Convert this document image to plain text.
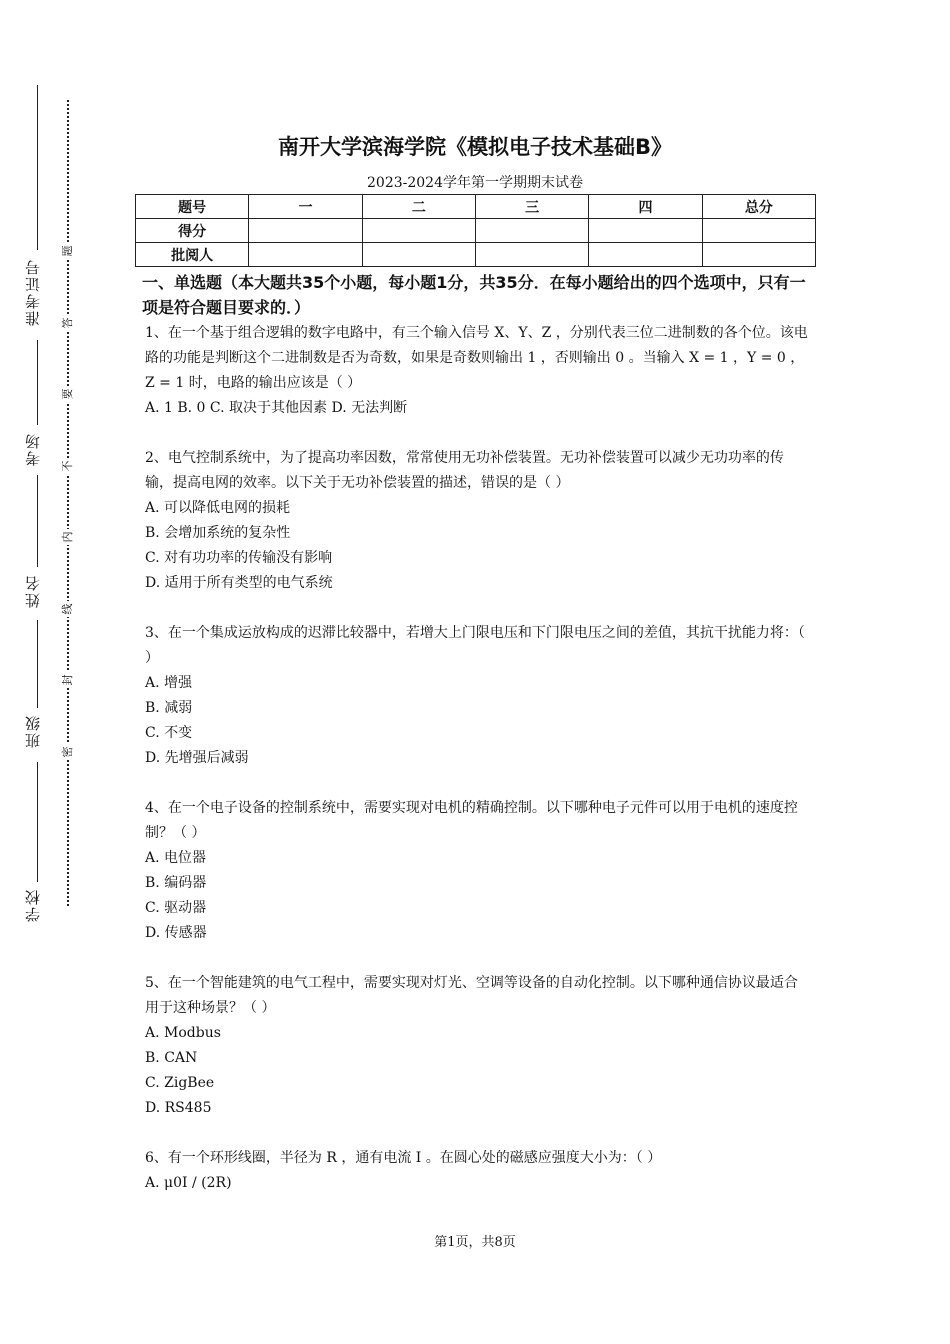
准考证号
考场
姓名
班级
学校
题
答
要
不
内
线
封
密
南开大学滨海学院《模拟电子技术基础B》
2023-2024学年第一学期期末试卷
题号	一	二	三	四	总分
得分					
批阅人					
一、单选题（本大题共35个小题，每小题1分，共35分．在每小题给出的四个选项中，只有一项是符合题目要求的．）
1、在一个基于组合逻辑的数字电路中，有三个输入信号 X、Y、Z ，分别代表三位二进制数的各个位。该电路的功能是判断这个二进制数是否为奇数，如果是奇数则输出 1 ，否则输出 0 。当输入 X = 1 ，Y = 0 ，Z = 1 时，电路的输出应该是（ ）
A. 1 B. 0 C. 取决于其他因素 D. 无法判断
2、电气控制系统中，为了提高功率因数，常常使用无功补偿装置。无功补偿装置可以减少无功功率的传输，提高电网的效率。以下关于无功补偿装置的描述，错误的是（ ）
A. 可以降低电网的损耗
B. 会增加系统的复杂性
C. 对有功功率的传输没有影响
D. 适用于所有类型的电气系统
3、在一个集成运放构成的迟滞比较器中，若增大上门限电压和下门限电压之间的差值，其抗干扰能力将：（ ）
A. 增强
B. 减弱
C. 不变
D. 先增强后减弱
4、在一个电子设备的控制系统中，需要实现对电机的精确控制。以下哪种电子元件可以用于电机的速度控制？（ ）
A. 电位器
B. 编码器
C. 驱动器
D. 传感器
5、在一个智能建筑的电气工程中，需要实现对灯光、空调等设备的自动化控制。以下哪种通信协议最适合用于这种场景？（ ）
A. Modbus
B. CAN
C. ZigBee
D. RS485
6、有一个环形线圈，半径为 R ，通有电流 I 。在圆心处的磁感应强度大小为：（ ）
A. μ0I / (2R)
第1页，共8页
